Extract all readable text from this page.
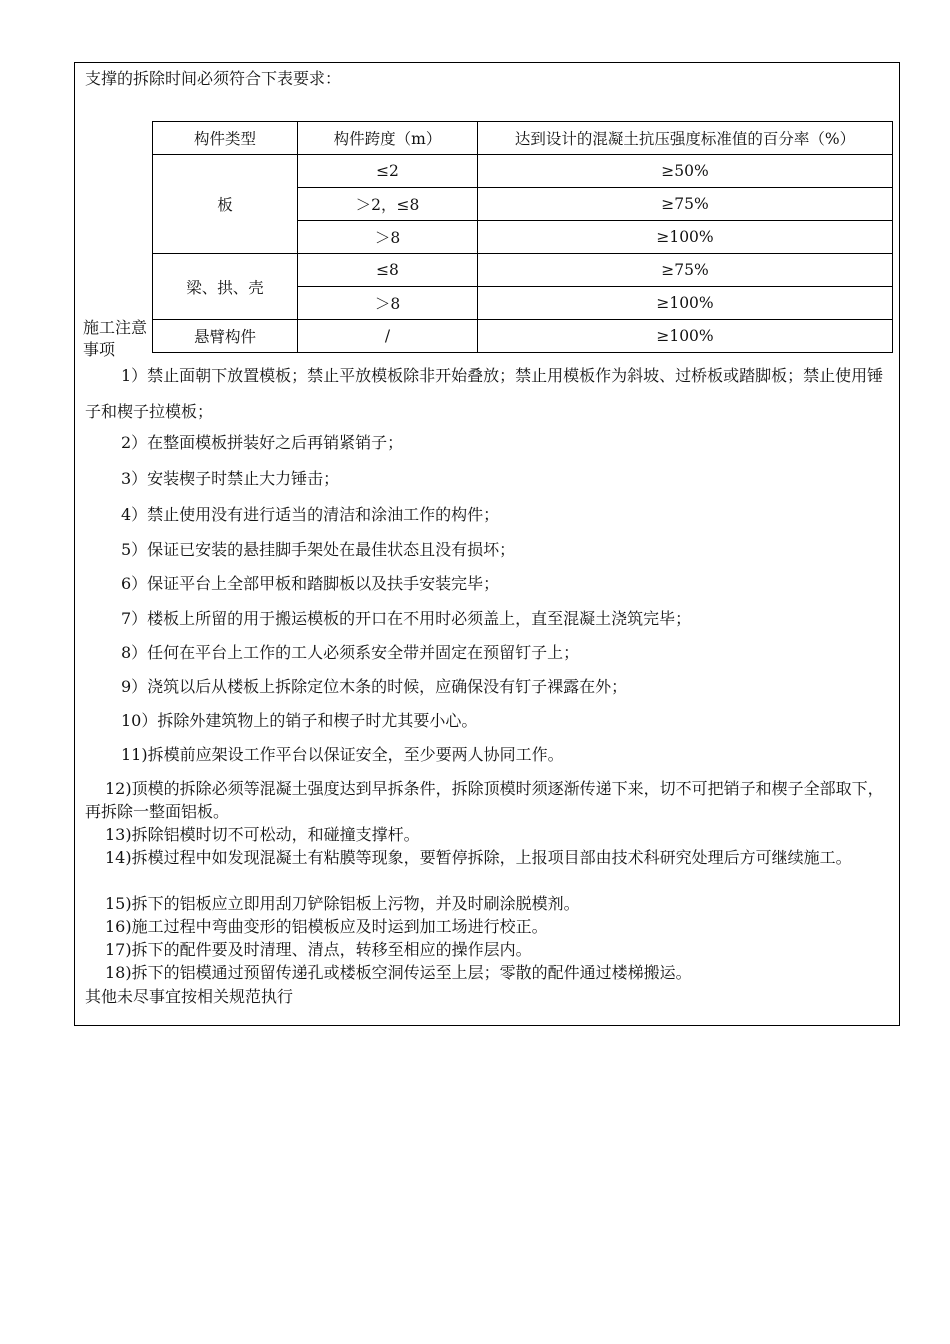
支撑的拆除时间必须符合下表要求：
构件类型	构件跨度（m）	达到设计的混凝土抗压强度标准值的百分率（%）
板	≤2	≥50%
	＞2，≤8	≥75%
	＞8	≥100%
梁、拱、壳	≤8	≥75%
	＞8	≥100%
悬臂构件	/	≥100%
施工注意事项
1）禁止面朝下放置模板；禁止平放模板除非开始叠放；禁止用模板作为斜坡、过桥板或踏脚板；禁止使用锤子和楔子拉模板；
2）在整面模板拼装好之后再销紧销子；
3）安装楔子时禁止大力锤击；
4）禁止使用没有进行适当的清洁和涂油工作的构件；
5）保证已安装的悬挂脚手架处在最佳状态且没有损坏；
6）保证平台上全部甲板和踏脚板以及扶手安装完毕；
7）楼板上所留的用于搬运模板的开口在不用时必须盖上，直至混凝土浇筑完毕；
8）任何在平台上工作的工人必须系安全带并固定在预留钉子上；
9）浇筑以后从楼板上拆除定位木条的时候，应确保没有钉子裸露在外；
10）拆除外建筑物上的销子和楔子时尤其要小心。
11)拆模前应架设工作平台以保证安全，至少要两人协同工作。
12)顶模的拆除必须等混凝土强度达到早拆条件，拆除顶模时须逐渐传递下来，切不可把销子和楔子全部取下，再拆除一整面铝板。
13)拆除铝模时切不可松动，和碰撞支撑杆。
14)拆模过程中如发现混凝土有粘膜等现象，要暂停拆除，上报项目部由技术科研究处理后方可继续施工。
15)拆下的铝板应立即用刮刀铲除铝板上污物，并及时刷涂脱模剂。
16)施工过程中弯曲变形的铝模板应及时运到加工场进行校正。
17)拆下的配件要及时清理、清点，转移至相应的操作层内。
18)拆下的铝模通过预留传递孔或楼板空洞传运至上层；零散的配件通过楼梯搬运。
其他未尽事宜按相关规范执行
